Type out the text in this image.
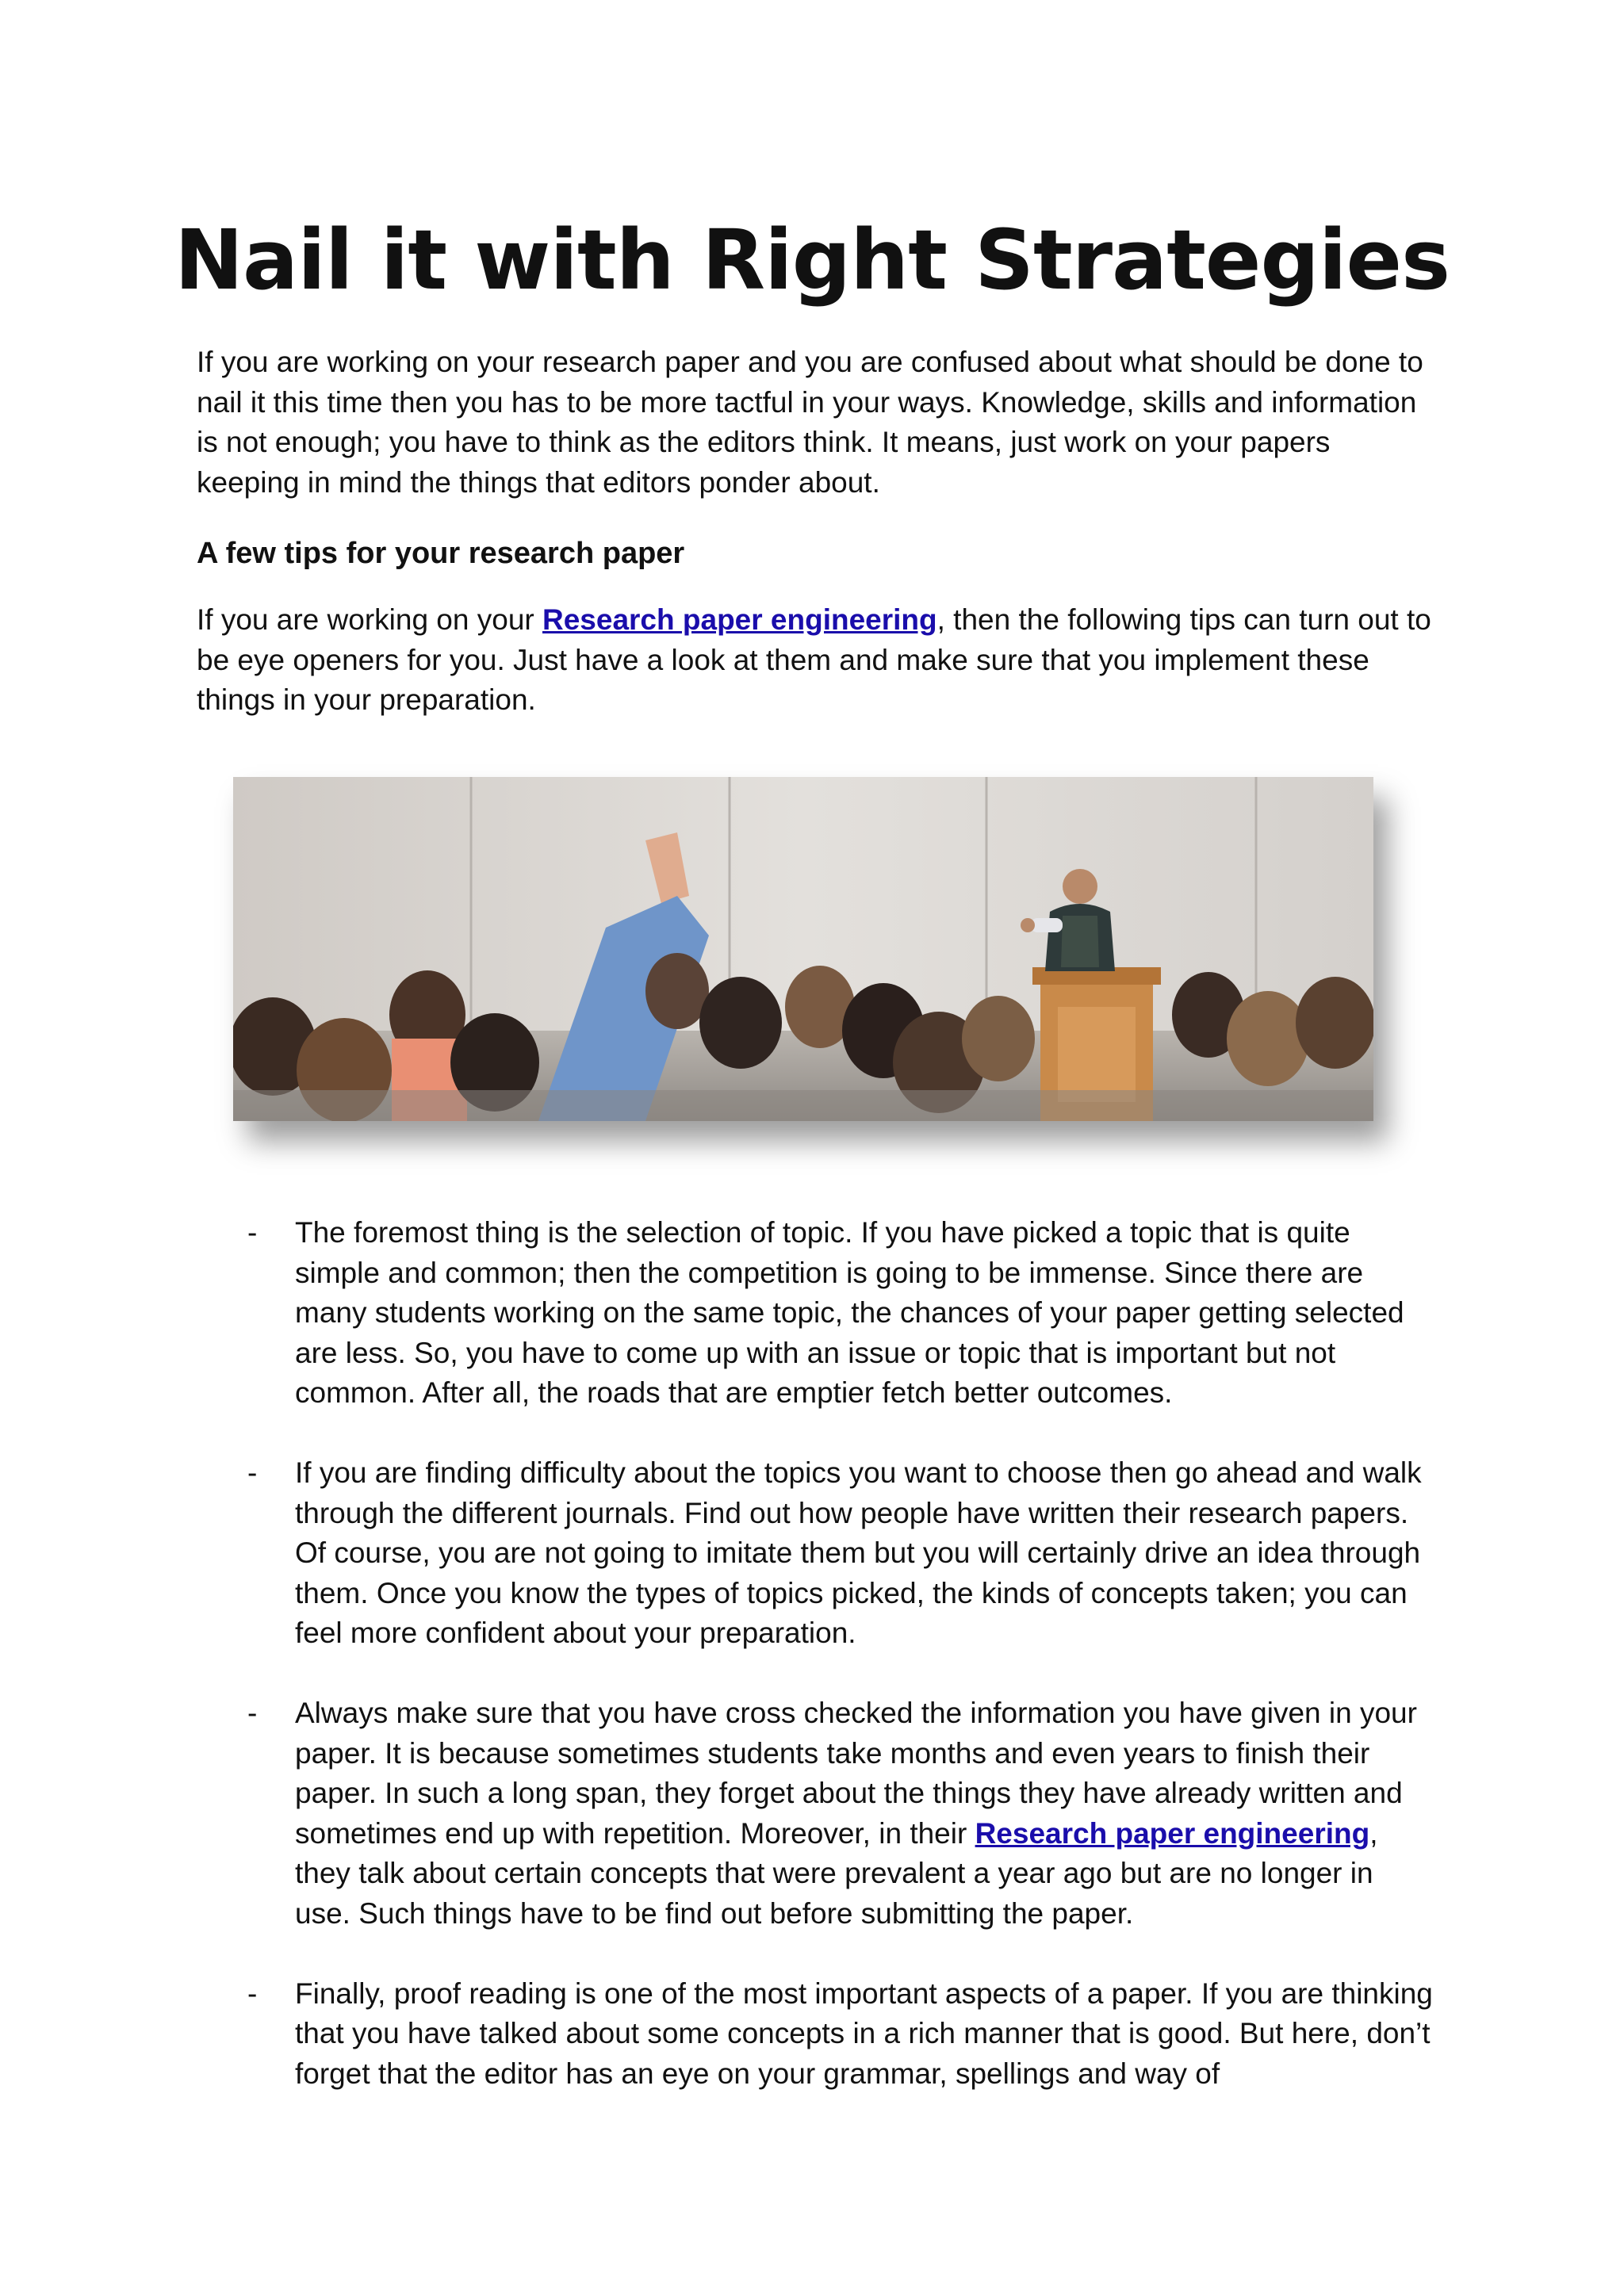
Nail it with Right Strategies

If you are working on your research paper and you are confused about what should be done to nail it this time then you has to be more tactful in your ways. Knowledge, skills and information is not enough; you have to think as the editors think. It means, just work on your papers keeping in mind the things that editors ponder about.

A few tips for your research paper

If you are working on your Research paper engineering, then the following tips can turn out to be eye openers for you. Just have a look at them and make sure that you implement these things in your preparation.

- The foremost thing is the selection of topic. If you have picked a topic that is quite simple and common; then the competition is going to be immense. Since there are many students working on the same topic, the chances of your paper getting selected are less. So, you have to come up with an issue or topic that is important but not common. After all, the roads that are emptier fetch better outcomes.
- If you are finding difficulty about the topics you want to choose then go ahead and walk through the different journals. Find out how people have written their research papers. Of course, you are not going to imitate them but you will certainly drive an idea through them. Once you know the types of topics picked, the kinds of concepts taken; you can feel more confident about your preparation.
- Always make sure that you have cross checked the information you have given in your paper. It is because sometimes students take months and even years to finish their paper. In such a long span, they forget about the things they have already written and sometimes end up with repetition. Moreover, in their Research paper engineering, they talk about certain concepts that were prevalent a year ago but are no longer in use. Such things have to be find out before submitting the paper.
- Finally, proof reading is one of the most important aspects of a paper. If you are thinking that you have talked about some concepts in a rich manner that is good. But here, don’t forget that the editor has an eye on your grammar, spellings and way of
